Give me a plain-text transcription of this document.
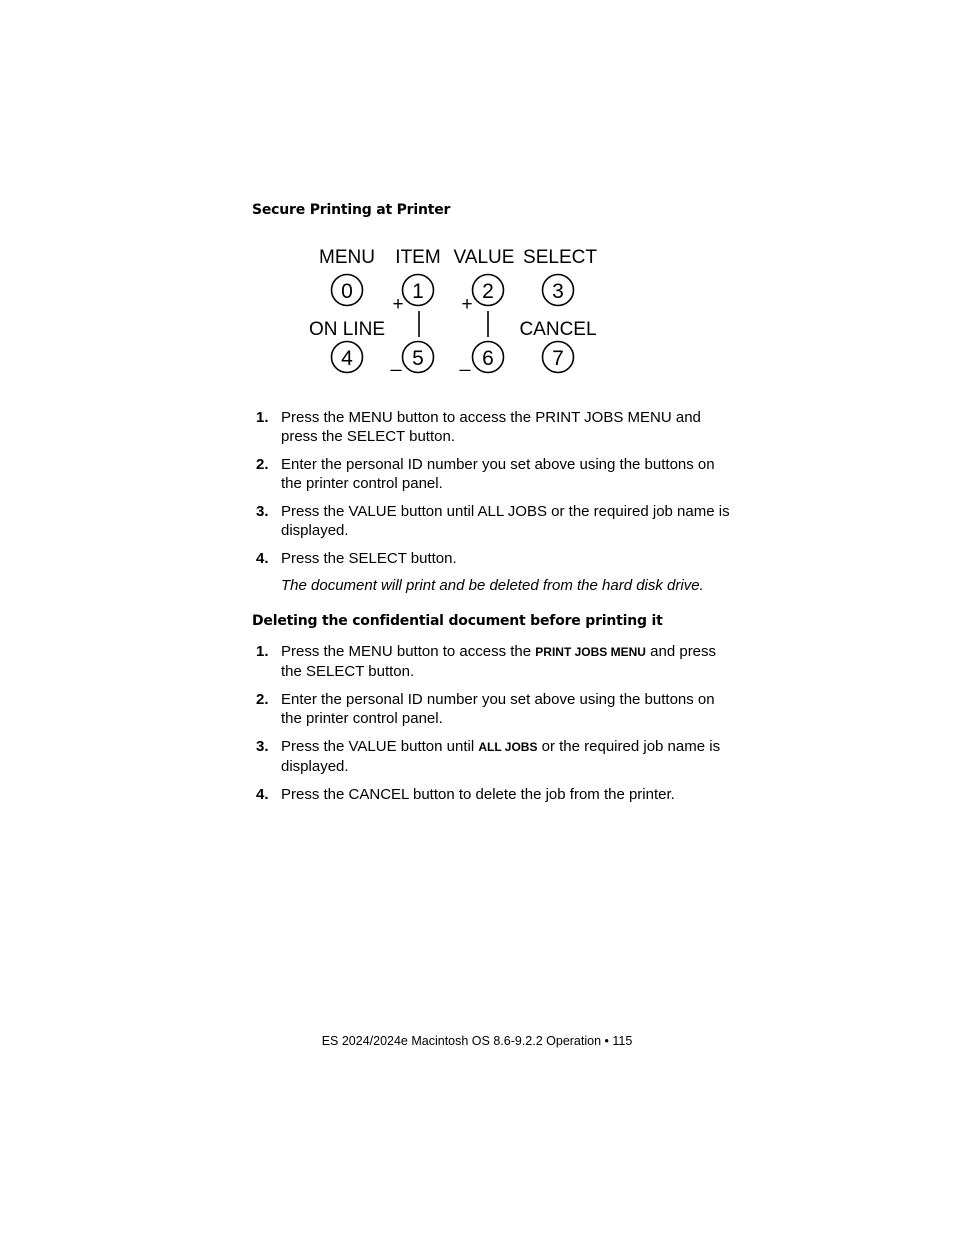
Secure Printing at Printer
MENU ITEM VALUE SELECT
0	1	2	3
+	+
ON LINE	CANCEL
4	5	6	7
_	_
1. Press the MENU button to access the PRINT JOBS MENU and press the SELECT button.
2. Enter the personal ID number you set above using the buttons on the printer control panel.
3. Press the VALUE button until ALL JOBS or the required job name is displayed.
4. Press the SELECT button.

The document will print and be deleted from the hard disk drive.

Deleting the confidential document before printing it
1. Press the MENU button to access the PRINT JOBS MENU and press the SELECT button.
2. Enter the personal ID number you set above using the buttons on the printer control panel.
3. Press the VALUE button until ALL JOBS or the required job name is displayed.
4. Press the CANCEL button to delete the job from the printer.
ES 2024/2024e Macintosh OS 8.6-9.2.2 Operation • 115
